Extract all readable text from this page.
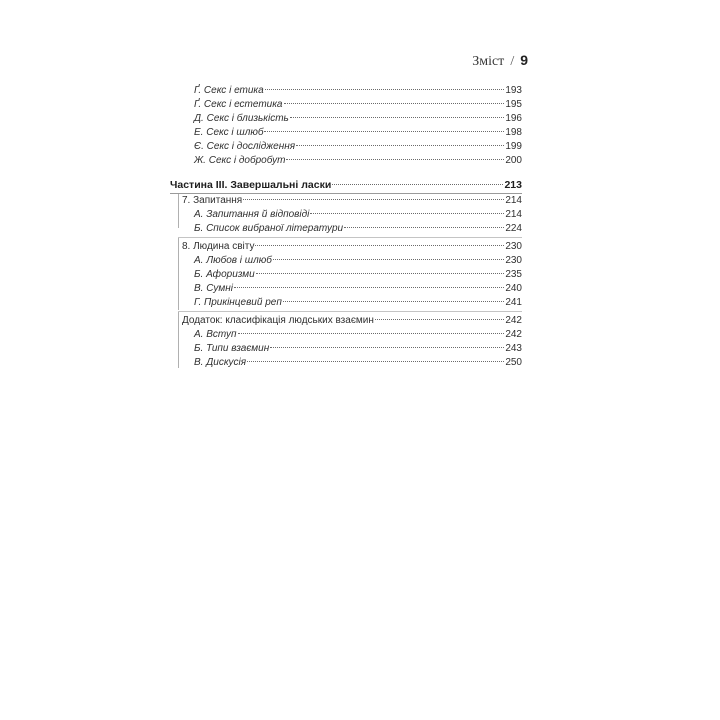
Зміст / 9
Ґ. Секс і етика	193
Ґ. Секс і естетика	195
Д. Секс і близькість	196
Е. Секс і шлюб	198
Є. Секс і дослідження	199
Ж. Секс і добробут	200
Частина ІІІ. Завершальні ласки	213
7. Запитання	214
А. Запитання й відповіді	214
Б. Список вибраної літератури	224
8. Людина світу	230
А. Любов і шлюб	230
Б. Афоризми	235
В. Сумні	240
Г. Прикінцевий реп	241
Додаток: класифікація людських взаємин	242
А. Вступ	242
Б. Типи взаємин	243
В. Дискусія	250
